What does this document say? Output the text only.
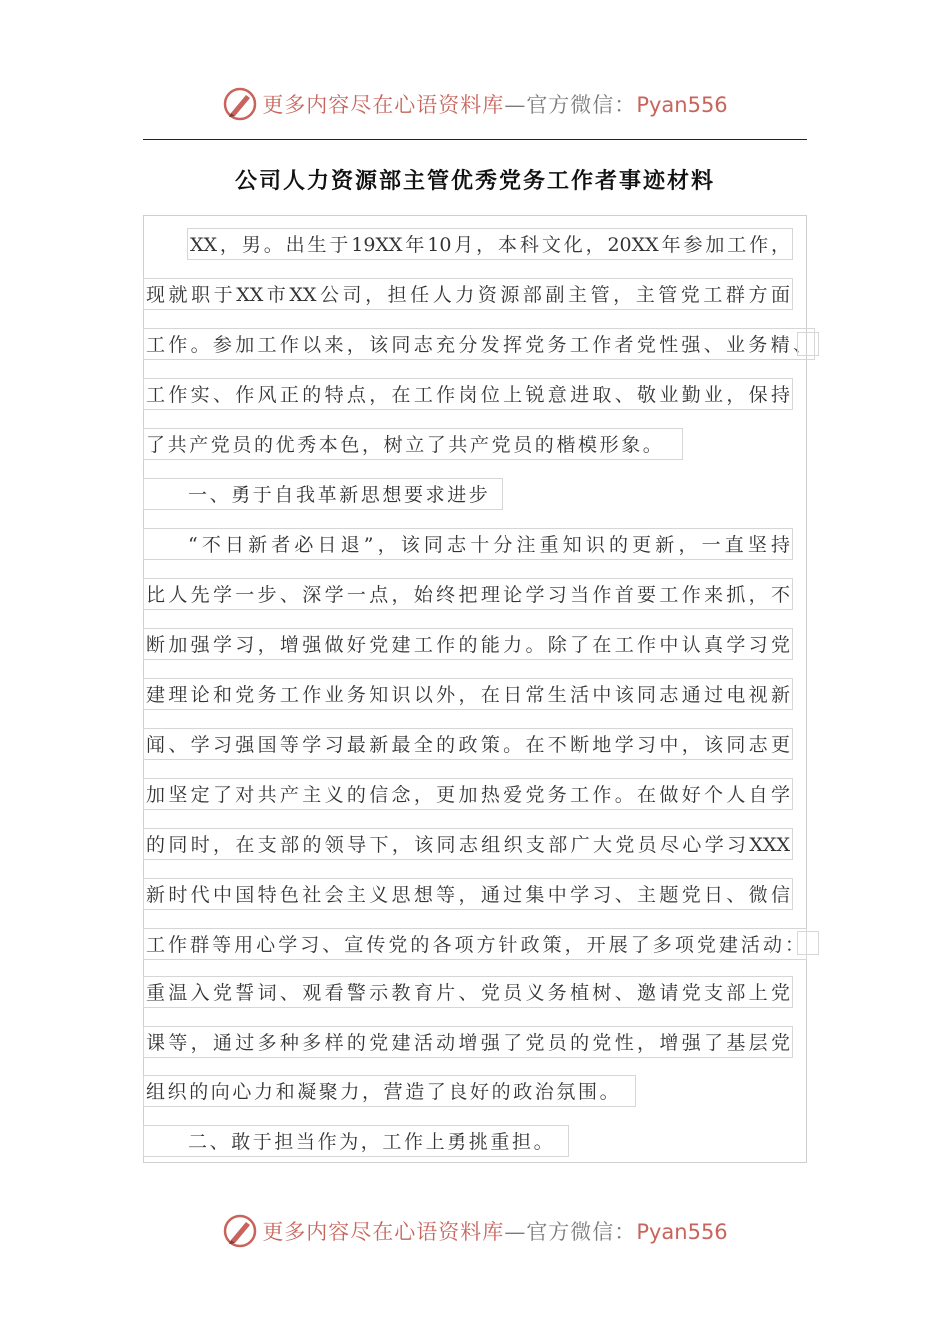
更多内容尽在心语资料库—官方微信：Pyan556
公司人力资源部主管优秀党务工作者事迹材料
XX，男。出生于19XX年10月，本科文化，20XX年参加工作，
现就职于XX市XX公司，担任人力资源部副主管，主管党工群方面
工作。参加工作以来，该同志充分发挥党务工作者党性强、业务精、
工作实、作风正的特点，在工作岗位上锐意进取、敬业勤业，保持
了共产党员的优秀本色，树立了共产党员的楷模形象。
一、勇于自我革新思想要求进步
“不日新者必日退”，该同志十分注重知识的更新，一直坚持
比人先学一步、深学一点，始终把理论学习当作首要工作来抓，不
断加强学习，增强做好党建工作的能力。除了在工作中认真学习党
建理论和党务工作业务知识以外，在日常生活中该同志通过电视新
闻、学习强国等学习最新最全的政策。在不断地学习中，该同志更
加坚定了对共产主义的信念，更加热爱党务工作。在做好个人自学
的同时，在支部的领导下，该同志组织支部广大党员尽心学习XXX
新时代中国特色社会主义思想等，通过集中学习、主题党日、微信
工作群等用心学习、宣传党的各项方针政策，开展了多项党建活动：
重温入党誓词、观看警示教育片、党员义务植树、邀请党支部上党
课等，通过多种多样的党建活动增强了党员的党性，增强了基层党
组织的向心力和凝聚力，营造了良好的政治氛围。
二、敢于担当作为，工作上勇挑重担。
更多内容尽在心语资料库—官方微信：Pyan556
